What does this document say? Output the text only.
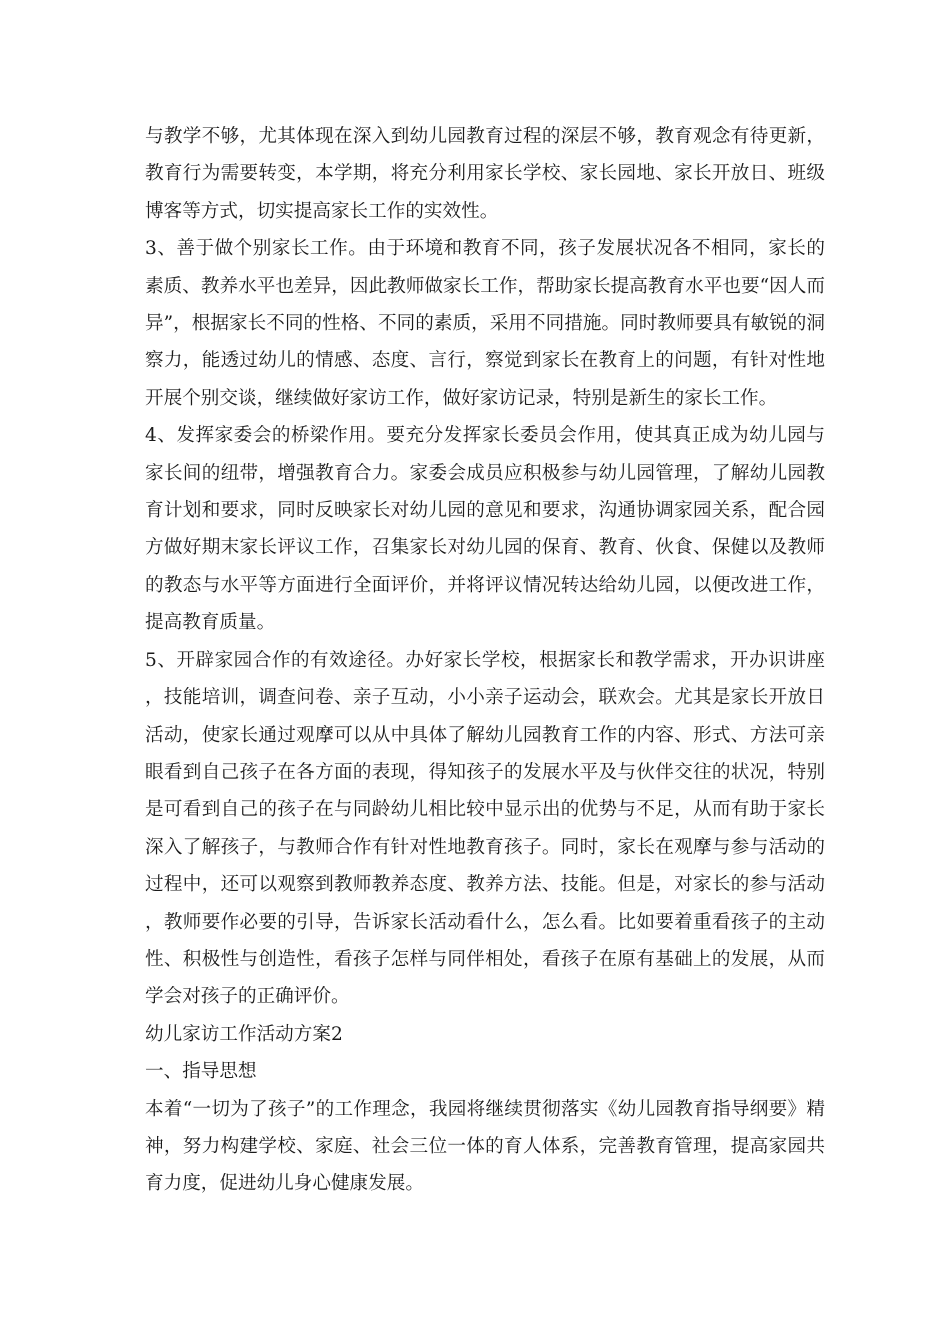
与教学不够，尤其体现在深入到幼儿园教育过程的深层不够，教育观念有待更新，教育行为需要转变，本学期，将充分利用家长学校、家长园地、家长开放日、班级博客等方式，切实提高家长工作的实效性。

3、善于做个别家长工作。由于环境和教育不同，孩子发展状况各不相同，家长的素质、教养水平也差异，因此教师做家长工作，帮助家长提高教育水平也要“因人而异”，根据家长不同的性格、不同的素质，采用不同措施。同时教师要具有敏锐的洞察力，能透过幼儿的情感、态度、言行，察觉到家长在教育上的问题，有针对性地开展个别交谈，继续做好家访工作，做好家访记录，特别是新生的家长工作。

4、发挥家委会的桥梁作用。要充分发挥家长委员会作用，使其真正成为幼儿园与家长间的纽带，增强教育合力。家委会成员应积极参与幼儿园管理，了解幼儿园教育计划和要求，同时反映家长对幼儿园的意见和要求，沟通协调家园关系，配合园方做好期末家长评议工作，召集家长对幼儿园的保育、教育、伙食、保健以及教师的教态与水平等方面进行全面评价，并将评议情况转达给幼儿园，以便改进工作，提高教育质量。

5、开辟家园合作的有效途径。办好家长学校，根据家长和教学需求，开办识讲座，技能培训，调查问卷、亲子互动，小小亲子运动会，联欢会。尤其是家长开放日活动，使家长通过观摩可以从中具体了解幼儿园教育工作的内容、形式、方法可亲眼看到自己孩子在各方面的表现，得知孩子的发展水平及与伙伴交往的状况，特别是可看到自己的孩子在与同龄幼儿相比较中显示出的优势与不足，从而有助于家长深入了解孩子，与教师合作有针对性地教育孩子。同时，家长在观摩与参与活动的过程中，还可以观察到教师教养态度、教养方法、技能。但是，对家长的参与活动，教师要作必要的引导，告诉家长活动看什么，怎么看。比如要着重看孩子的主动性、积极性与创造性，看孩子怎样与同伴相处，看孩子在原有基础上的发展，从而学会对孩子的正确评价。

幼儿家访工作活动方案2

一、指导思想

本着“一切为了孩子”的工作理念，我园将继续贯彻落实《幼儿园教育指导纲要》精神，努力构建学校、家庭、社会三位一体的育人体系，完善教育管理，提高家园共育力度，促进幼儿身心健康发展。
